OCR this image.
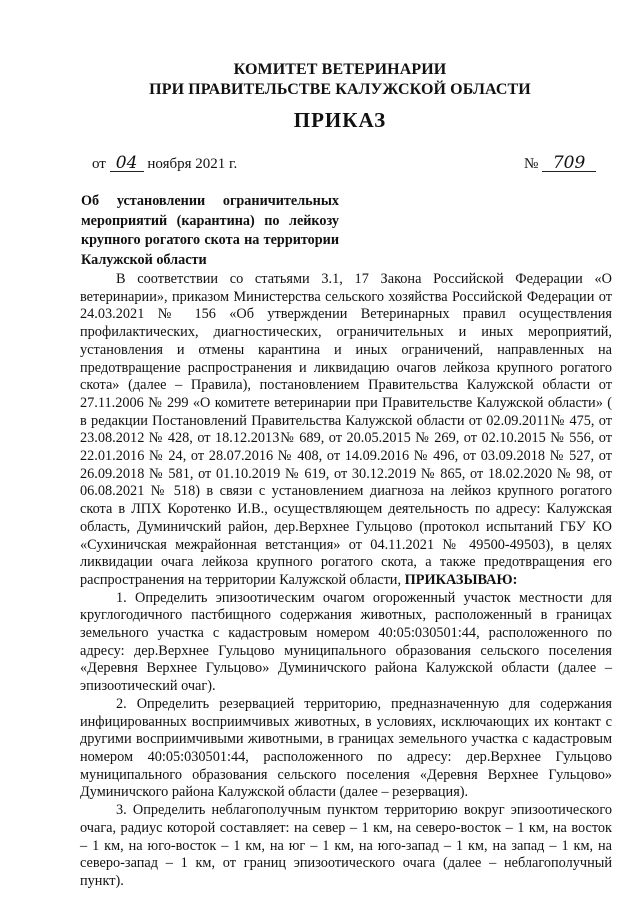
КОМИТЕТ ВЕТЕРИНАРИИ
ПРИ ПРАВИТЕЛЬСТВЕ КАЛУЖСКОЙ ОБЛАСТИ
ПРИКАЗ
от 04 ноября 2021 г.	№ 709
Об установлении ограничительных
мероприятий (карантина) по лейкозу
крупного рогатого скота на территории
Калужской области
В соответствии со статьями 3.1, 17 Закона Российской Федерации «О
ветеринарии», приказом Министерства сельского хозяйства Российской Федерации от
24.03.2021 № 156 «Об утверждении Ветеринарных правил осуществления
профилактических, диагностических, ограничительных и иных мероприятий,
установления и отмены карантина и иных ограничений, направленных на
предотвращение распространения и ликвидацию очагов лейкоза крупного рогатого
скота» (далее – Правила), постановлением Правительства Калужской области от
27.11.2006 № 299 «О комитете ветеринарии при Правительстве Калужской области» (
в редакции Постановлений Правительства Калужской области от 02.09.2011№ 475, от
23.08.2012 № 428, от 18.12.2013№ 689, от 20.05.2015 № 269, от 02.10.2015 № 556, от
22.01.2016 № 24, от 28.07.2016 № 408, от 14.09.2016 № 496, от 03.09.2018 № 527, от
26.09.2018 № 581, от 01.10.2019 № 619, от 30.12.2019 № 865, от 18.02.2020 № 98, от
06.08.2021 № 518) в связи с установлением диагноза на лейкоз крупного рогатого
скота в ЛПХ Коротенко И.В., осуществляющем деятельность по адресу: Калужская
область, Думиничский район, дер.Верхнее Гульцово (протокол испытаний ГБУ КО
«Сухиничская межрайонная ветстанция» от 04.11.2021 № 49500-49503), в целях
ликвидации очага лейкоза крупного рогатого скота, а также предотвращения его
распространения на территории Калужской области, ПРИКАЗЫВАЮ:
1. Определить эпизоотическим очагом огороженный участок местности для
круглогодичного пастбищного содержания животных, расположенный в границах
земельного участка с кадастровым номером 40:05:030501:44, расположенного по
адресу: дер.Верхнее Гульцово муниципального образования сельского поселения
«Деревня Верхнее Гульцово» Думиничского района Калужской области (далее –
эпизоотический очаг).
2. Определить резервацией территорию, предназначенную для содержания
инфицированных восприимчивых животных, в условиях, исключающих их контакт с
другими восприимчивыми животными, в границах земельного участка с кадастровым
номером 40:05:030501:44, расположенного по адресу: дер.Верхнее Гульцово
муниципального образования сельского поселения «Деревня Верхнее Гульцово»
Думиничского района Калужской области (далее – резервация).
3. Определить неблагополучным пунктом территорию вокруг эпизоотического
очага, радиус которой составляет: на север – 1 км, на северо-восток – 1 км, на восток
– 1 км, на юго-восток – 1 км, на юг – 1 км, на юго-запад – 1 км, на запад – 1 км, на
северо-запад – 1 км, от границ эпизоотического очага (далее – неблагополучный
пункт).
